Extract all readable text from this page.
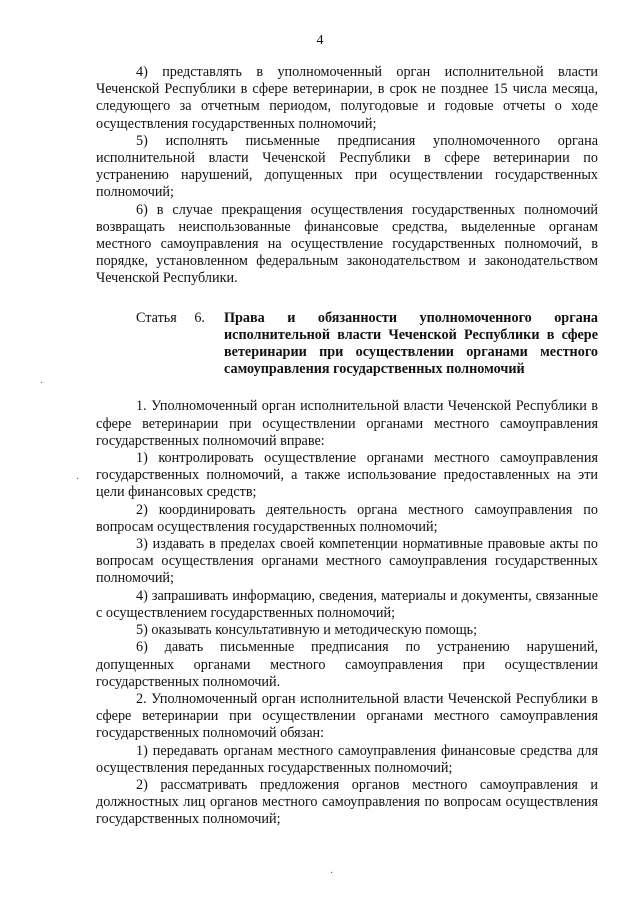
4
·
·
·

4) представлять в уполномоченный орган исполнительной власти Чеченской Республики в сфере ветеринарии, в срок не позднее 15 числа месяца, следующего за отчетным периодом, полугодовые и годовые отчеты о ходе осуществления государственных полномочий;

5) исполнять письменные предписания уполномоченного органа исполнительной власти Чеченской Республики в сфере ветеринарии по устранению нарушений, допущенных при осуществлении государственных полномочий;

6) в случае прекращения осуществления государственных полномочий возвращать неиспользованные финансовые средства, выделенные органам местного самоуправления на осуществление государственных полномочий, в порядке, установленном федеральным законодательством и законодательством Чеченской Республики.

Статья 6.	Права и обязанности уполномоченного органа исполнительной власти Чеченской Республики в сфере ветеринарии при осуществлении органами местного самоуправления государственных полномочий

1. Уполномоченный орган исполнительной власти Чеченской Республики в сфере ветеринарии при осуществлении органами местного самоуправления государственных полномочий вправе:

1) контролировать осуществление органами местного самоуправления государственных полномочий, а также использование предоставленных на эти цели финансовых средств;

2) координировать деятельность органа местного самоуправления по вопросам осуществления государственных полномочий;

3) издавать в пределах своей компетенции нормативные правовые акты по вопросам осуществления органами местного самоуправления государственных полномочий;

4) запрашивать информацию, сведения, материалы и документы, связанные с осуществлением государственных полномочий;

5) оказывать консультативную и методическую помощь;

6) давать письменные предписания по устранению нарушений, допущенных органами местного самоуправления при осуществлении государственных полномочий.

2. Уполномоченный орган исполнительной власти Чеченской Республики в сфере ветеринарии при осуществлении органами местного самоуправления государственных полномочий обязан:

1) передавать органам местного самоуправления финансовые средства для осуществления переданных государственных полномочий;

2) рассматривать предложения органов местного самоуправления и должностных лиц органов местного самоуправления по вопросам осуществления государственных полномочий;
